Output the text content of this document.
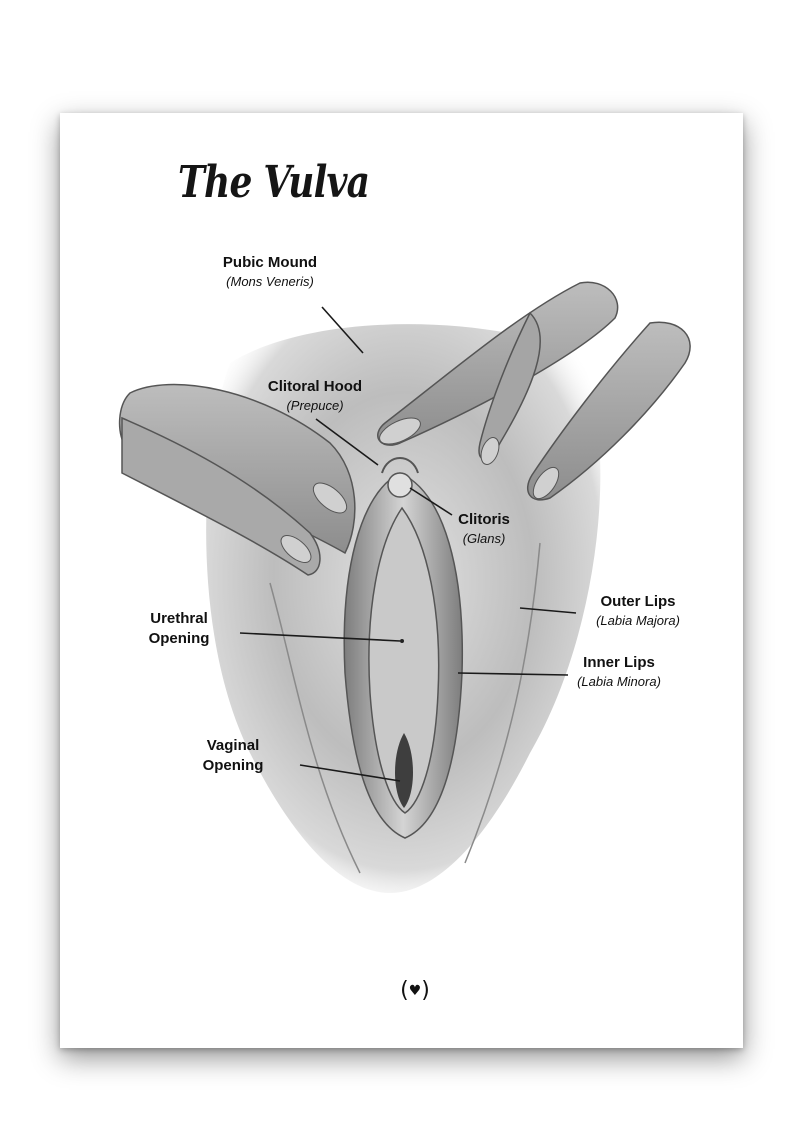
The Vulva
Pubic Mound
(Mons Veneris)
Clitoral Hood
(Prepuce)
Clitoris
(Glans)
Outer Lips
(Labia Majora)
Inner Lips
(Labia Minora)
Urethral Opening
Vaginal Opening
(♥)
